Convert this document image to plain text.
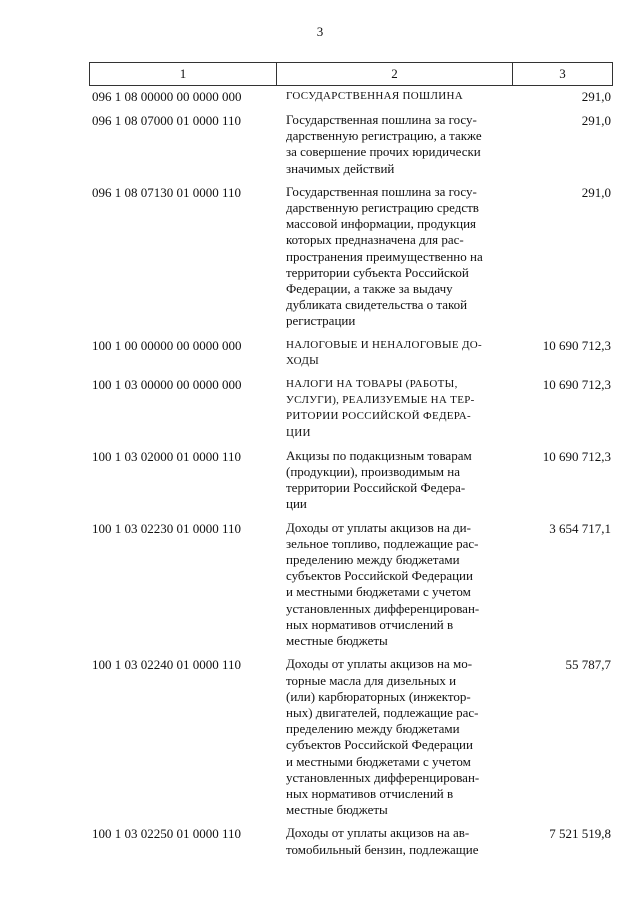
3
1	2	3
096 1 08 00000 00 0000 000	ГОСУДАРСТВЕННАЯ ПОШЛИНА	291,0
096 1 08 07000 01 0000 110	Государственная пошлина за госу-
дарственную регистрацию, а также
за совершение прочих юридически
значимых действий
291,0
096 1 08 07130 01 0000 110	Государственная пошлина за госу-
дарственную регистрацию средств
массовой информации, продукция
которых предназначена для рас-
пространения преимущественно на
территории субъекта Российской
Федерации, а также за выдачу
дубликата свидетельства о такой
регистрации
291,0
100 1 00 00000 00 0000 000	НАЛОГОВЫЕ И НЕНАЛОГОВЫЕ ДО-
ХОДЫ
10 690 712,3
100 1 03 00000 00 0000 000	НАЛОГИ НА ТОВАРЫ (РАБОТЫ,
УСЛУГИ), РЕАЛИЗУЕМЫЕ НА ТЕР-
РИТОРИИ РОССИЙСКОЙ ФЕДЕРА-
ЦИИ
10 690 712,3
100 1 03 02000 01 0000 110	Акцизы по подакцизным товарам
(продукции), производимым на
территории Российской Федера-
ции
10 690 712,3
100 1 03 02230 01 0000 110	Доходы от уплаты акцизов на ди-
зельное топливо, подлежащие рас-
пределению между бюджетами
субъектов Российской Федерации
и местными бюджетами с учетом
установленных дифференцирован-
ных нормативов отчислений в
местные бюджеты
3 654 717,1
100 1 03 02240 01 0000 110	Доходы от уплаты акцизов на мо-
торные масла для дизельных и
(или) карбюраторных (инжектор-
ных) двигателей, подлежащие рас-
пределению между бюджетами
субъектов Российской Федерации
и местными бюджетами с учетом
установленных дифференцирован-
ных нормативов отчислений в
местные бюджеты
55 787,7
100 1 03 02250 01 0000 110	Доходы от уплаты акцизов на ав-
томобильный бензин, подлежащие
7 521 519,8
